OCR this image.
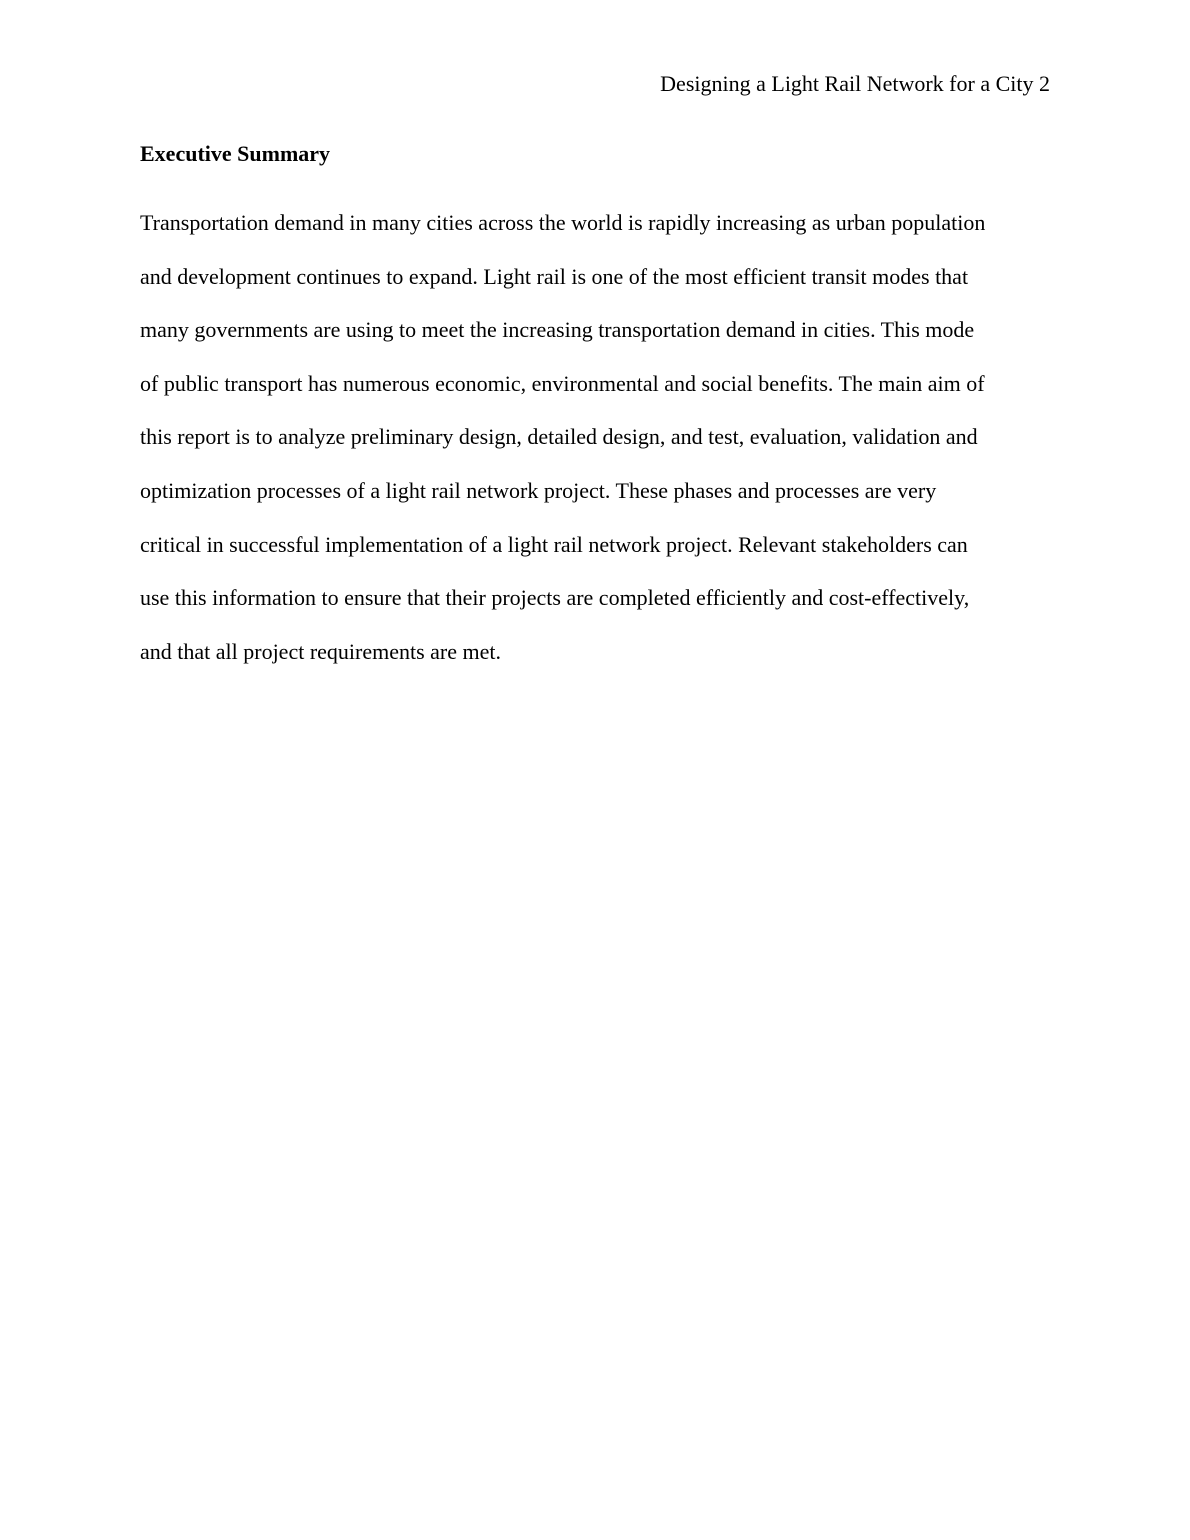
Designing a Light Rail Network for a City 2
Executive Summary

Transportation demand in many cities across the world is rapidly increasing as urban population
and development continues to expand. Light rail is one of the most efficient transit modes that
many governments are using to meet the increasing transportation demand in cities. This mode
of public transport has numerous economic, environmental and social benefits. The main aim of
this report is to analyze preliminary design, detailed design, and test, evaluation, validation and
optimization processes of a light rail network project. These phases and processes are very
critical in successful implementation of a light rail network project. Relevant stakeholders can
use this information to ensure that their projects are completed efficiently and cost-effectively,
and that all project requirements are met.
